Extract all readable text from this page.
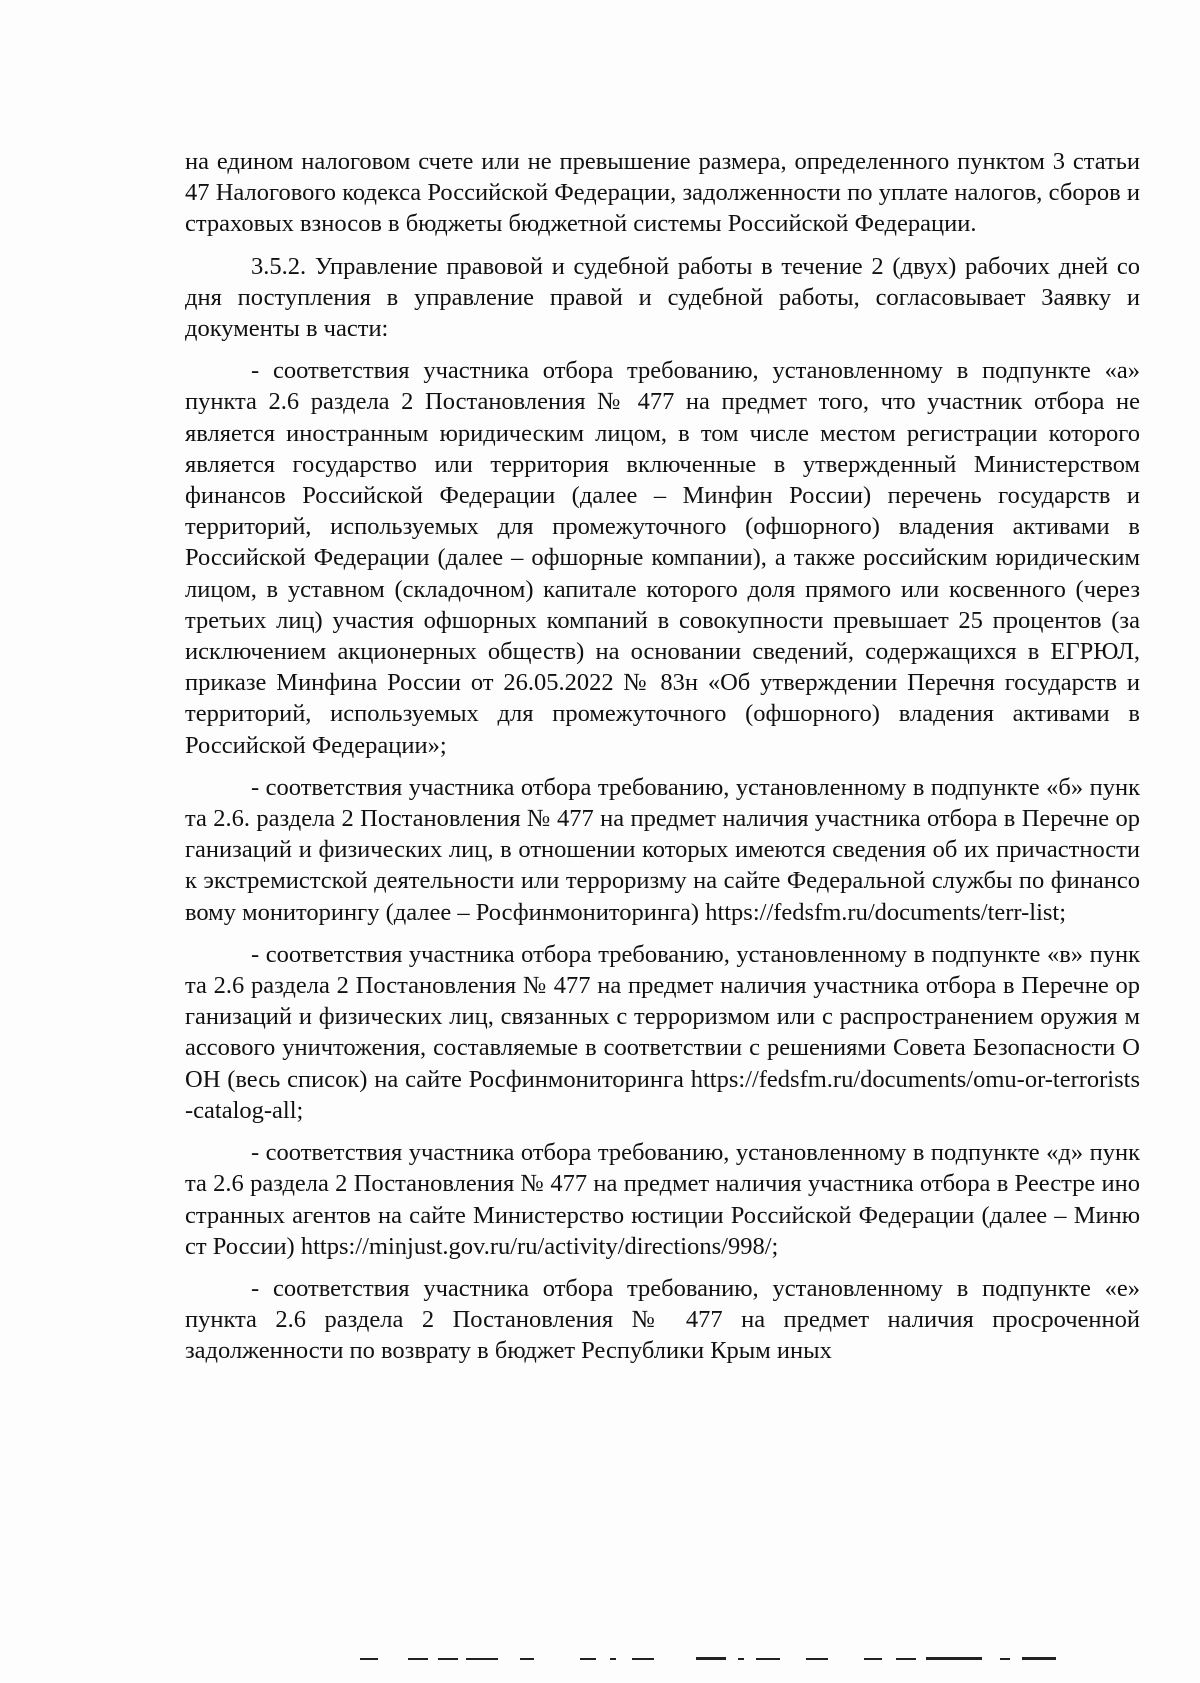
на едином налоговом счете или не превышение размера, определенного пунктом 3 статьи 47 Налогового кодекса Российской Федерации, задолженности по уплате налогов, сборов и страховых взносов в бюджеты бюджетной системы Российской Федерации.

3.5.2. Управление правовой и судебной работы в течение 2 (двух) рабочих дней со дня поступления в управление правой и судебной работы, согласовывает Заявку и документы в части:

- соответствия участника отбора требованию, установленному в подпункте «а» пункта 2.6 раздела 2 Постановления № 477 на предмет того, что участник отбора не является иностранным юридическим лицом, в том числе местом регистрации которого является государство или территория включенные в утвержденный Министерством финансов Российской Федерации (далее – Минфин России) перечень государств и территорий, используемых для промежуточного (офшорного) владения активами в Российской Федерации (далее – офшорные компании), а также российским юридическим лицом, в уставном (складочном) капитале которого доля прямого или косвенного (через третьих лиц) участия офшорных компаний в совокупности превышает 25 процентов (за исключением акционерных обществ) на основании сведений, содержащихся в ЕГРЮЛ, приказе Минфина России от 26.05.2022 № 83н «Об утверждении Перечня государств и территорий, используемых для промежуточного (офшорного) владения активами в Российской Федерации»;

- соответствия участника отбора требованию, установленному в подпункте «б» пункта 2.6. раздела 2 Постановления № 477 на предмет наличия участника отбора в Перечне организаций и физических лиц, в отношении которых имеются сведения об их причастности к экстремистской деятельности или терроризму на сайте Федеральной службы по финансовому мониторингу (далее – Росфинмониторинга) https://fedsfm.ru/documents/terr-list;

- соответствия участника отбора требованию, установленному в подпункте «в» пункта 2.6 раздела 2 Постановления № 477 на предмет наличия участника отбора в Перечне организаций и физических лиц, связанных с терроризмом или с распространением оружия массового уничтожения, составляемые в соответствии с решениями Совета Безопасности ООН (весь список) на сайте Росфинмониторинга https://fedsfm.ru/documents/omu-or-terrorists-catalog-all;

- соответствия участника отбора требованию, установленному в подпункте «д» пункта 2.6 раздела 2 Постановления № 477 на предмет наличия участника отбора в Реестре иностранных агентов на сайте Министерство юстиции Российской Федерации (далее – Минюст России) https://minjust.gov.ru/ru/activity/directions/998/;

- соответствия участника отбора требованию, установленному в подпункте «е» пункта 2.6 раздела 2 Постановления № 477 на предмет наличия просроченной задолженности по возврату в бюджет Республики Крым иных
